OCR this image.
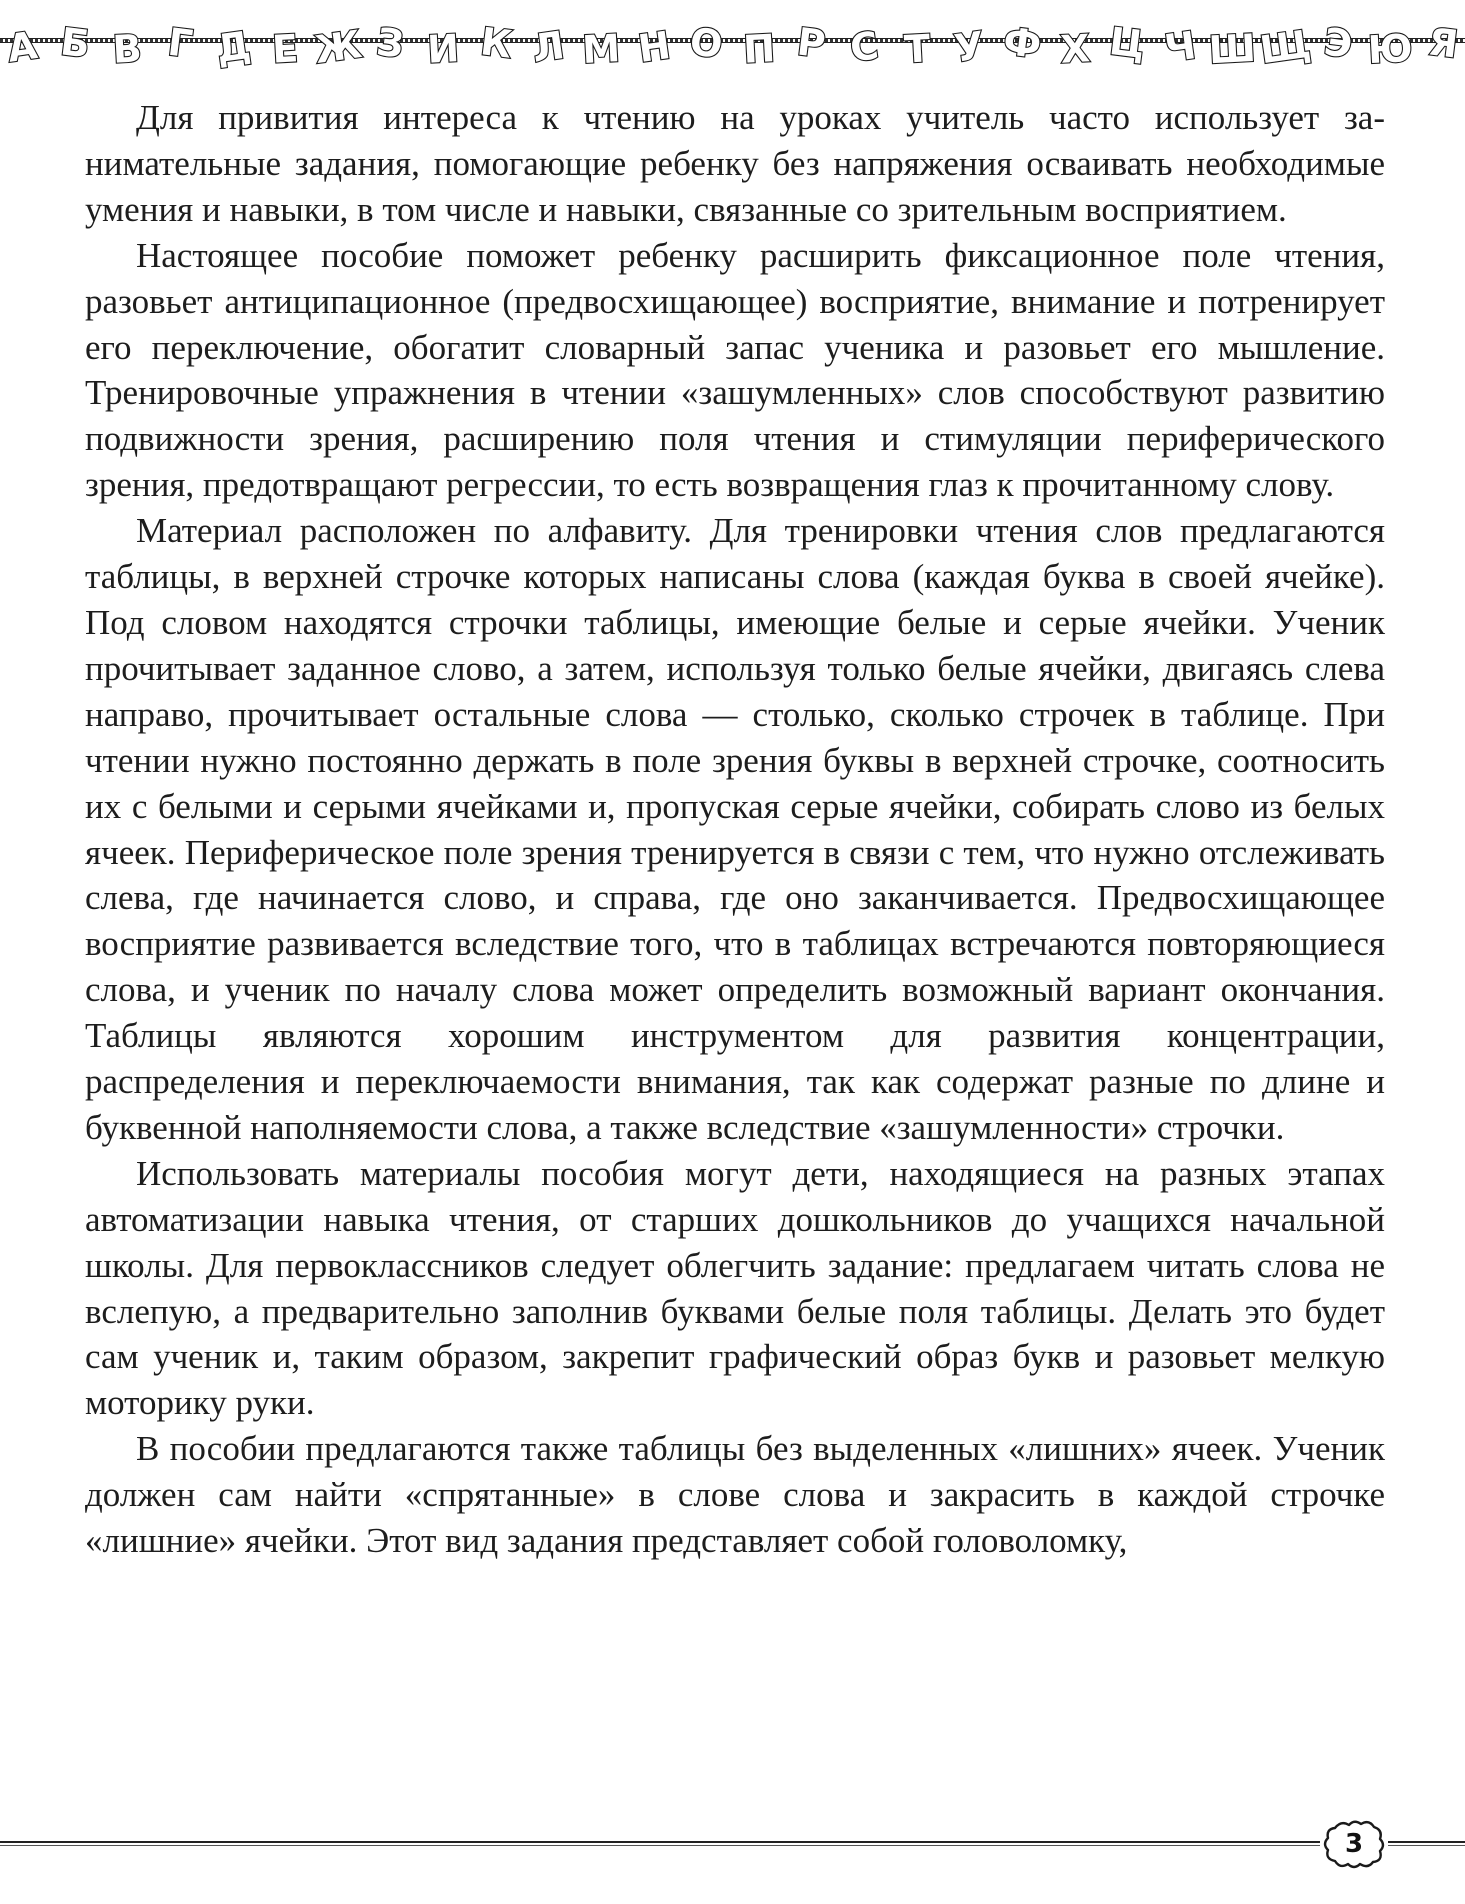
А Б В Г Д Е Ж З И К Л М Н О П Р С Т У Ф Х Ц Ч Ш Щ Э Ю Я

Для привития интереса к чтению на уроках учитель часто использует занимательные задания, помогающие ребенку без напряжения осваивать необходимые умения и навыки, в том числе и навыки, связанные со зрительным восприятием.

Настоящее пособие поможет ребенку расширить фиксационное поле чтения, разовьет антиципационное (предвосхищающее) восприятие, внимание и потренирует его переключение, обогатит словарный запас ученика и разовьет его мышление. Тренировочные упражнения в чтении «зашумленных» слов способствуют развитию подвижности зрения, расширению поля чтения и стимуляции периферического зрения, предотвращают регрессии, то есть возвращения глаз к прочитанному слову.

Материал расположен по алфавиту. Для тренировки чтения слов предлагаются таблицы, в верхней строчке которых написаны слова (каждая буква в своей ячейке). Под словом находятся строчки таблицы, имеющие белые и серые ячейки. Ученик прочитывает заданное слово, а затем, используя только белые ячейки, двигаясь слева направо, прочитывает остальные слова — столько, сколько строчек в таблице. При чтении нужно постоянно держать в поле зрения буквы в верхней строчке, соотносить их с белыми и серыми ячейками и, пропуская серые ячейки, собирать слово из белых ячеек. Периферическое поле зрения тренируется в связи с тем, что нужно отслеживать слева, где начинается слово, и справа, где оно заканчивается. Предвосхищающее восприятие развивается вследствие того, что в таблицах встречаются повторяющиеся слова, и ученик по началу слова может определить возможный вариант окончания. Таблицы являются хорошим инструментом для развития концентрации, распределения и переключаемости внимания, так как содержат разные по длине и буквенной наполняемости слова, а также вследствие «зашумленности» строчки.

Использовать материалы пособия могут дети, находящиеся на разных этапах автоматизации навыка чтения, от старших дошкольников до учащихся начальной школы. Для первоклассников следует облегчить задание: предлагаем читать слова не вслепую, а предварительно заполнив буквами белые поля таблицы. Делать это будет сам ученик и, таким образом, закрепит графический образ букв и разовьет мелкую моторику руки.

В пособии предлагаются также таблицы без выделенных «лишних» ячеек. Ученик должен сам найти «спрятанные» в слове слова и закрасить в каждой строчке «лишние» ячейки. Этот вид задания представляет собой головоломку,

3
